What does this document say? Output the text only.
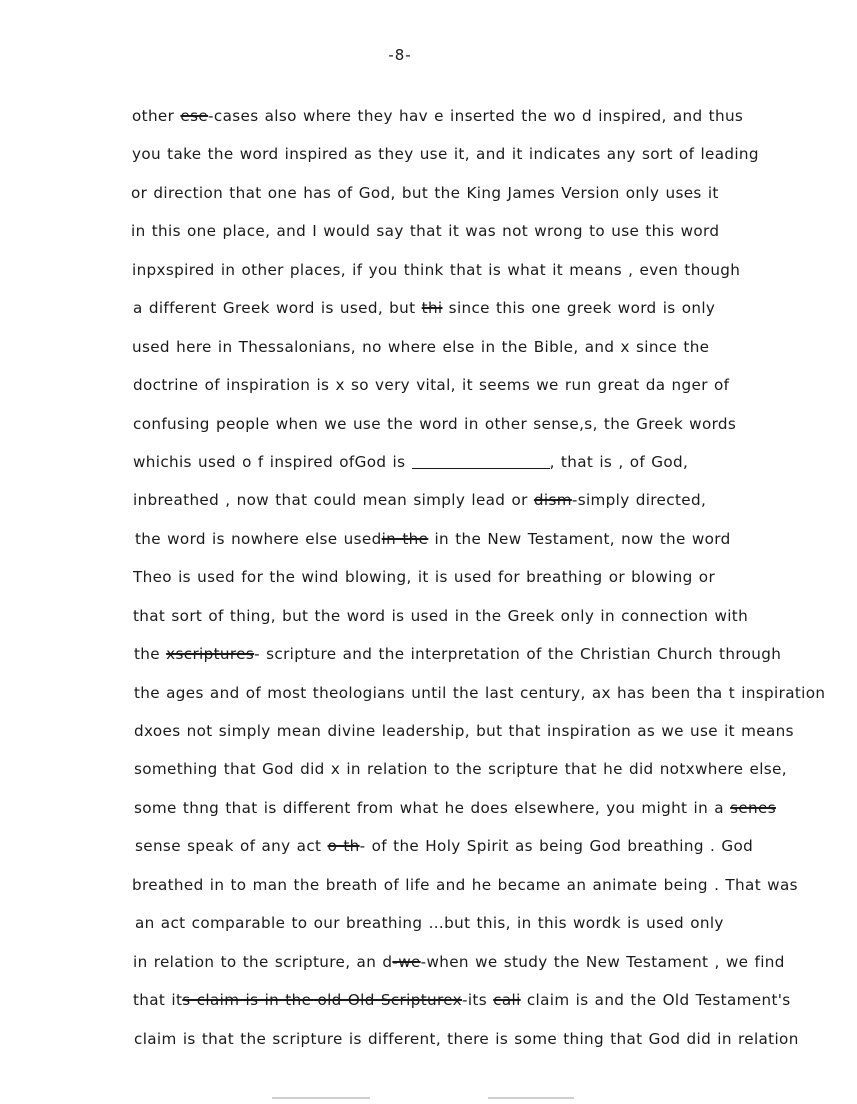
-8-
other ese-cases also where they hav e inserted the wo d inspired, and thus
you take the word inspired as they use it, and it indicates any sort of leading
or direction that one has of God, but the King James Version only uses it
in this one place, and I would say that it was not wrong to use this word
inpxspired in other places, if you think that is what it means , even though
a different Greek word is used, but thi since this one greek word is only
used here in Thessalonians, no where else in the Bible, and x since the
doctrine of inspiration is x so very vital, it seems we run great da nger of
confusing people when we use the word in other sense,s, the Greek words
whichis used o f inspired ofGod is	, that is , of God,
inbreathed , now that could mean simply lead or dism-simply directed,
the word is nowhere else usedin the in the New Testament, now the word
Theo is used for the wind blowing, it is used for breathing or blowing or
that sort of thing, but the word is used in the Greek only in connection with
the xscriptures- scripture and the interpretation of the Christian Church through
the ages and of most theologians until the last century, ax has been tha t inspiration
dxoes not simply mean divine leadership, but that inspiration as we use it means
something that God did x in relation to the scripture that he did notxwhere else,
some thng that is different from what he does elsewhere, you might in a senes
sense speak of any act o th- of the Holy Spirit as being God breathing . God
breathed in to man the breath of life and he became an animate being . That was
an act comparable to our breathing ...but this, in this wordk is used only
in relation to the scripture, an d-we-when we study the New Testament , we find
that its claim is in the old Old Scripturex-its cali claim is and the Old Testament's
claim is that the scripture is different, there is some thing that God did in relation
